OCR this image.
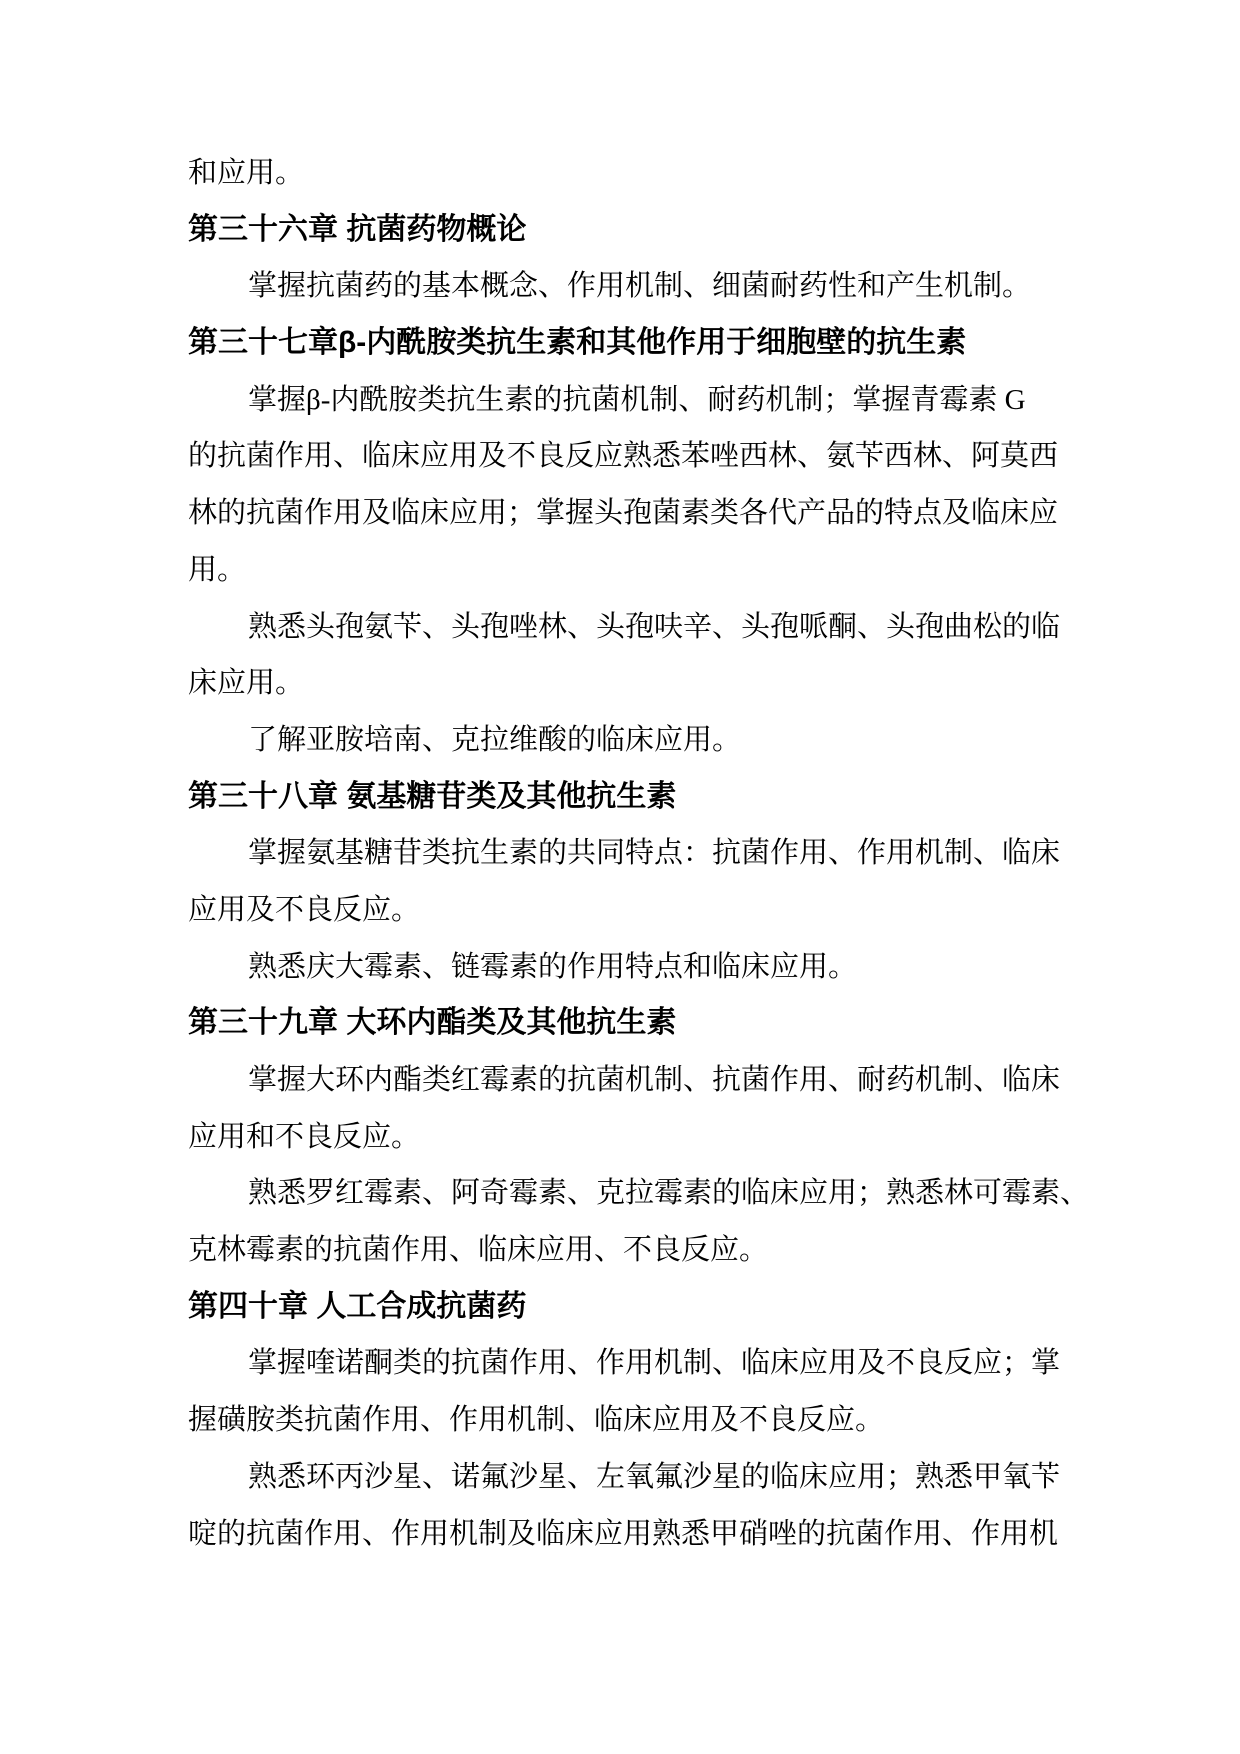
和应用。
第三十六章 抗菌药物概论
掌握抗菌药的基本概念、作用机制、细菌耐药性和产生机制。
第三十七章β-内酰胺类抗生素和其他作用于细胞壁的抗生素
掌握β-内酰胺类抗生素的抗菌机制、耐药机制；掌握青霉素 G
的抗菌作用、临床应用及不良反应熟悉苯唑西林、氨苄西林、阿莫西
林的抗菌作用及临床应用；掌握头孢菌素类各代产品的特点及临床应
用。
熟悉头孢氨苄、头孢唑林、头孢呋辛、头孢哌酮、头孢曲松的临
床应用。
了解亚胺培南、克拉维酸的临床应用。
第三十八章 氨基糖苷类及其他抗生素
掌握氨基糖苷类抗生素的共同特点：抗菌作用、作用机制、临床
应用及不良反应。
熟悉庆大霉素、链霉素的作用特点和临床应用。
第三十九章 大环内酯类及其他抗生素
掌握大环内酯类红霉素的抗菌机制、抗菌作用、耐药机制、临床
应用和不良反应。
熟悉罗红霉素、阿奇霉素、克拉霉素的临床应用；熟悉林可霉素、
克林霉素的抗菌作用、临床应用、不良反应。
第四十章 人工合成抗菌药
掌握喹诺酮类的抗菌作用、作用机制、临床应用及不良反应；掌
握磺胺类抗菌作用、作用机制、临床应用及不良反应。
熟悉环丙沙星、诺氟沙星、左氧氟沙星的临床应用；熟悉甲氧苄
啶的抗菌作用、作用机制及临床应用熟悉甲硝唑的抗菌作用、作用机
